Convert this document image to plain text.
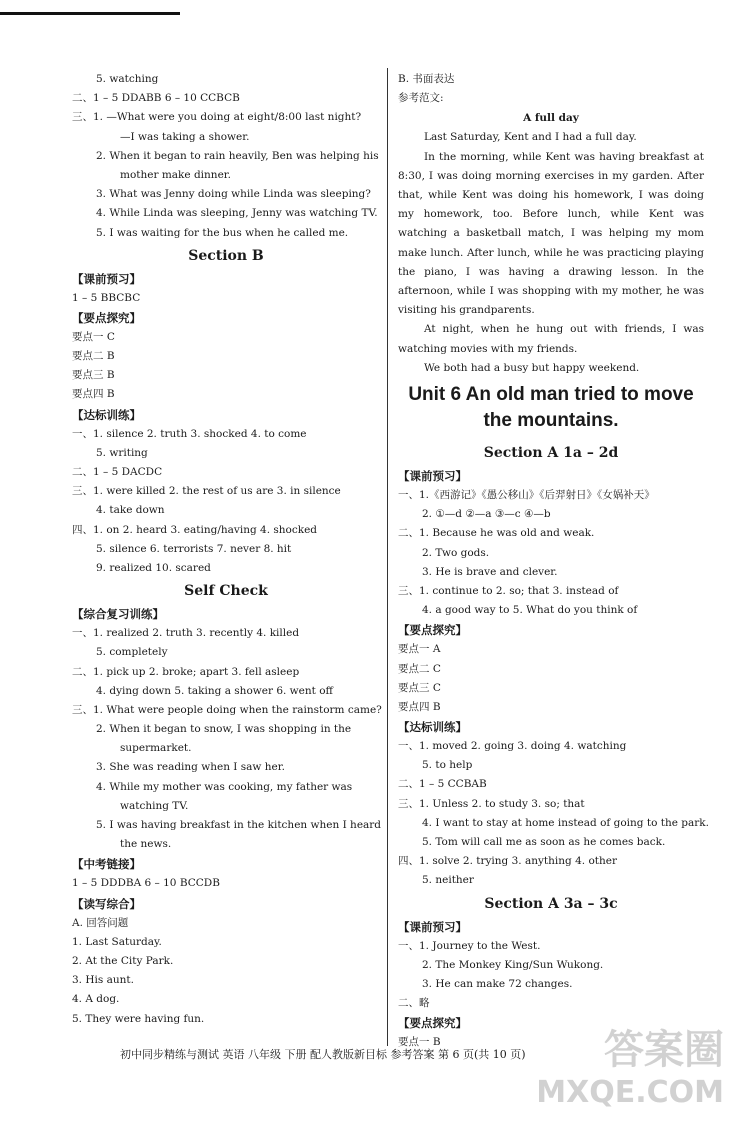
5. watching
二、1 – 5 DDABB 6 – 10 CCBCB
三、1. —What were you doing at eight/8:00 last night?
—I was taking a shower.
2. When it began to rain heavily, Ben was helping his
mother make dinner.
3. What was Jenny doing while Linda was sleeping?
4. While Linda was sleeping, Jenny was watching TV.
5. I was waiting for the bus when he called me.
Section B
【课前预习】
1 – 5 BBCBC
【要点探究】
要点一 C
要点二 B
要点三 B
要点四 B
【达标训练】
一、1. silence 2. truth 3. shocked 4. to come
5. writing
二、1 – 5 DACDC
三、1. were killed 2. the rest of us are 3. in silence
4. take down
四、1. on 2. heard 3. eating/having 4. shocked
5. silence 6. terrorists 7. never 8. hit
9. realized 10. scared
Self Check
【综合复习训练】
一、1. realized 2. truth 3. recently 4. killed
5. completely
二、1. pick up 2. broke; apart 3. fell asleep
4. dying down 5. taking a shower 6. went off
三、1. What were people doing when the rainstorm came?
2. When it began to snow, I was shopping in the
supermarket.
3. She was reading when I saw her.
4. While my mother was cooking, my father was
watching TV.
5. I was having breakfast in the kitchen when I heard
the news.
【中考链接】
1 – 5 DDDBA 6 – 10 BCCDB
【读写综合】
A. 回答问题
1. Last Saturday.
2. At the City Park.
3. His aunt.
4. A dog.
5. They were having fun.
B. 书面表达
参考范文:
A full day

Last Saturday, Kent and I had a full day.

In the morning, while Kent was having breakfast at 8:30, I was doing morning exercises in my garden. After that, while Kent was doing his homework, I was doing my homework, too. Before lunch, while Kent was watching a basketball match, I was helping my mom make lunch. After lunch, while he was practicing playing the piano, I was having a drawing lesson. In the afternoon, while I was shopping with my mother, he was visiting his grandparents.

At night, when he hung out with friends, I was watching movies with my friends.

We both had a busy but happy weekend.

Unit 6 An old man tried to move the mountains.
Section A 1a – 2d
【课前预习】
一、1.《西游记》《愚公移山》《后羿射日》《女娲补天》
2. ①—d ②—a ③—c ④—b
二、1. Because he was old and weak.
2. Two gods.
3. He is brave and clever.
三、1. continue to 2. so; that 3. instead of
4. a good way to 5. What do you think of
【要点探究】
要点一 A
要点二 C
要点三 C
要点四 B
【达标训练】
一、1. moved 2. going 3. doing 4. watching
5. to help
二、1 – 5 CCBAB
三、1. Unless 2. to study 3. so; that
4. I want to stay at home instead of going to the park.
5. Tom will call me as soon as he comes back.
四、1. solve 2. trying 3. anything 4. other
5. neither
Section A 3a – 3c
【课前预习】
一、1. Journey to the West.
2. The Monkey King/Sun Wukong.
3. He can make 72 changes.
二、略
【要点探究】
要点一 B
初中同步精练与测试 英语 八年级 下册 配人教版新目标 参考答案 第 6 页(共 10 页)	答案圈
MXQE.COM
